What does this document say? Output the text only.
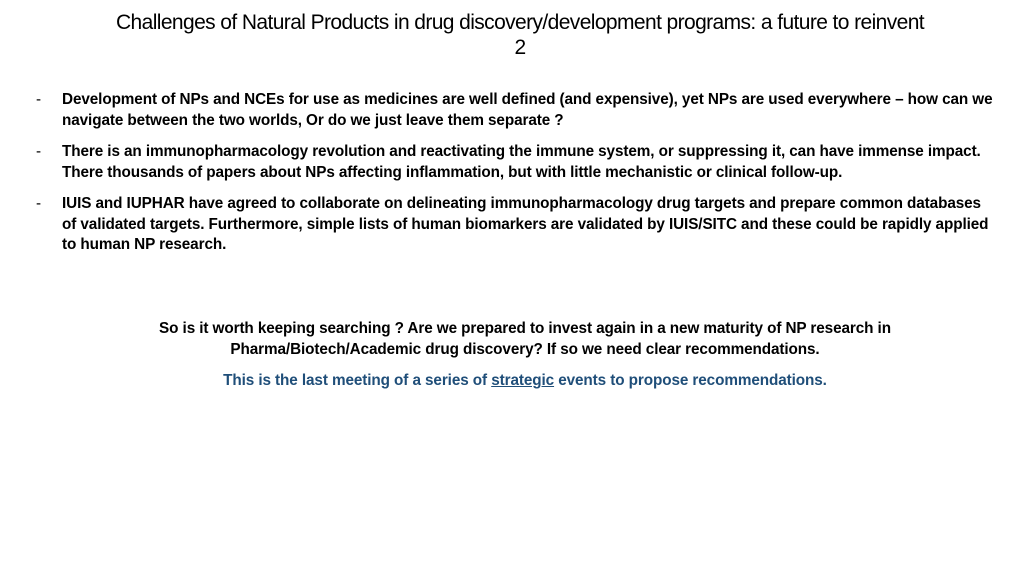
Challenges of Natural Products in drug discovery/development programs: a future to reinvent
2
- Development of NPs and NCEs for use as medicines are well defined (and expensive), yet NPs are used everywhere – how can we navigate between the two worlds, Or do we just leave them separate ?
- There is an immunopharmacology revolution and reactivating the immune system, or suppressing it, can have immense impact. There thousands of papers about NPs affecting inflammation, but with little mechanistic or clinical follow-up.
- IUIS and IUPHAR have agreed to collaborate on delineating immunopharmacology drug targets and prepare common databases of validated targets. Furthermore, simple lists of human biomarkers are validated by IUIS/SITC and these could be rapidly applied to human NP research.
So is it worth keeping searching ? Are we prepared to invest again in a new maturity of NP research in Pharma/Biotech/Academic drug discovery? If so we need clear recommendations.
This is the last meeting of a series of strategic events to propose recommendations.
